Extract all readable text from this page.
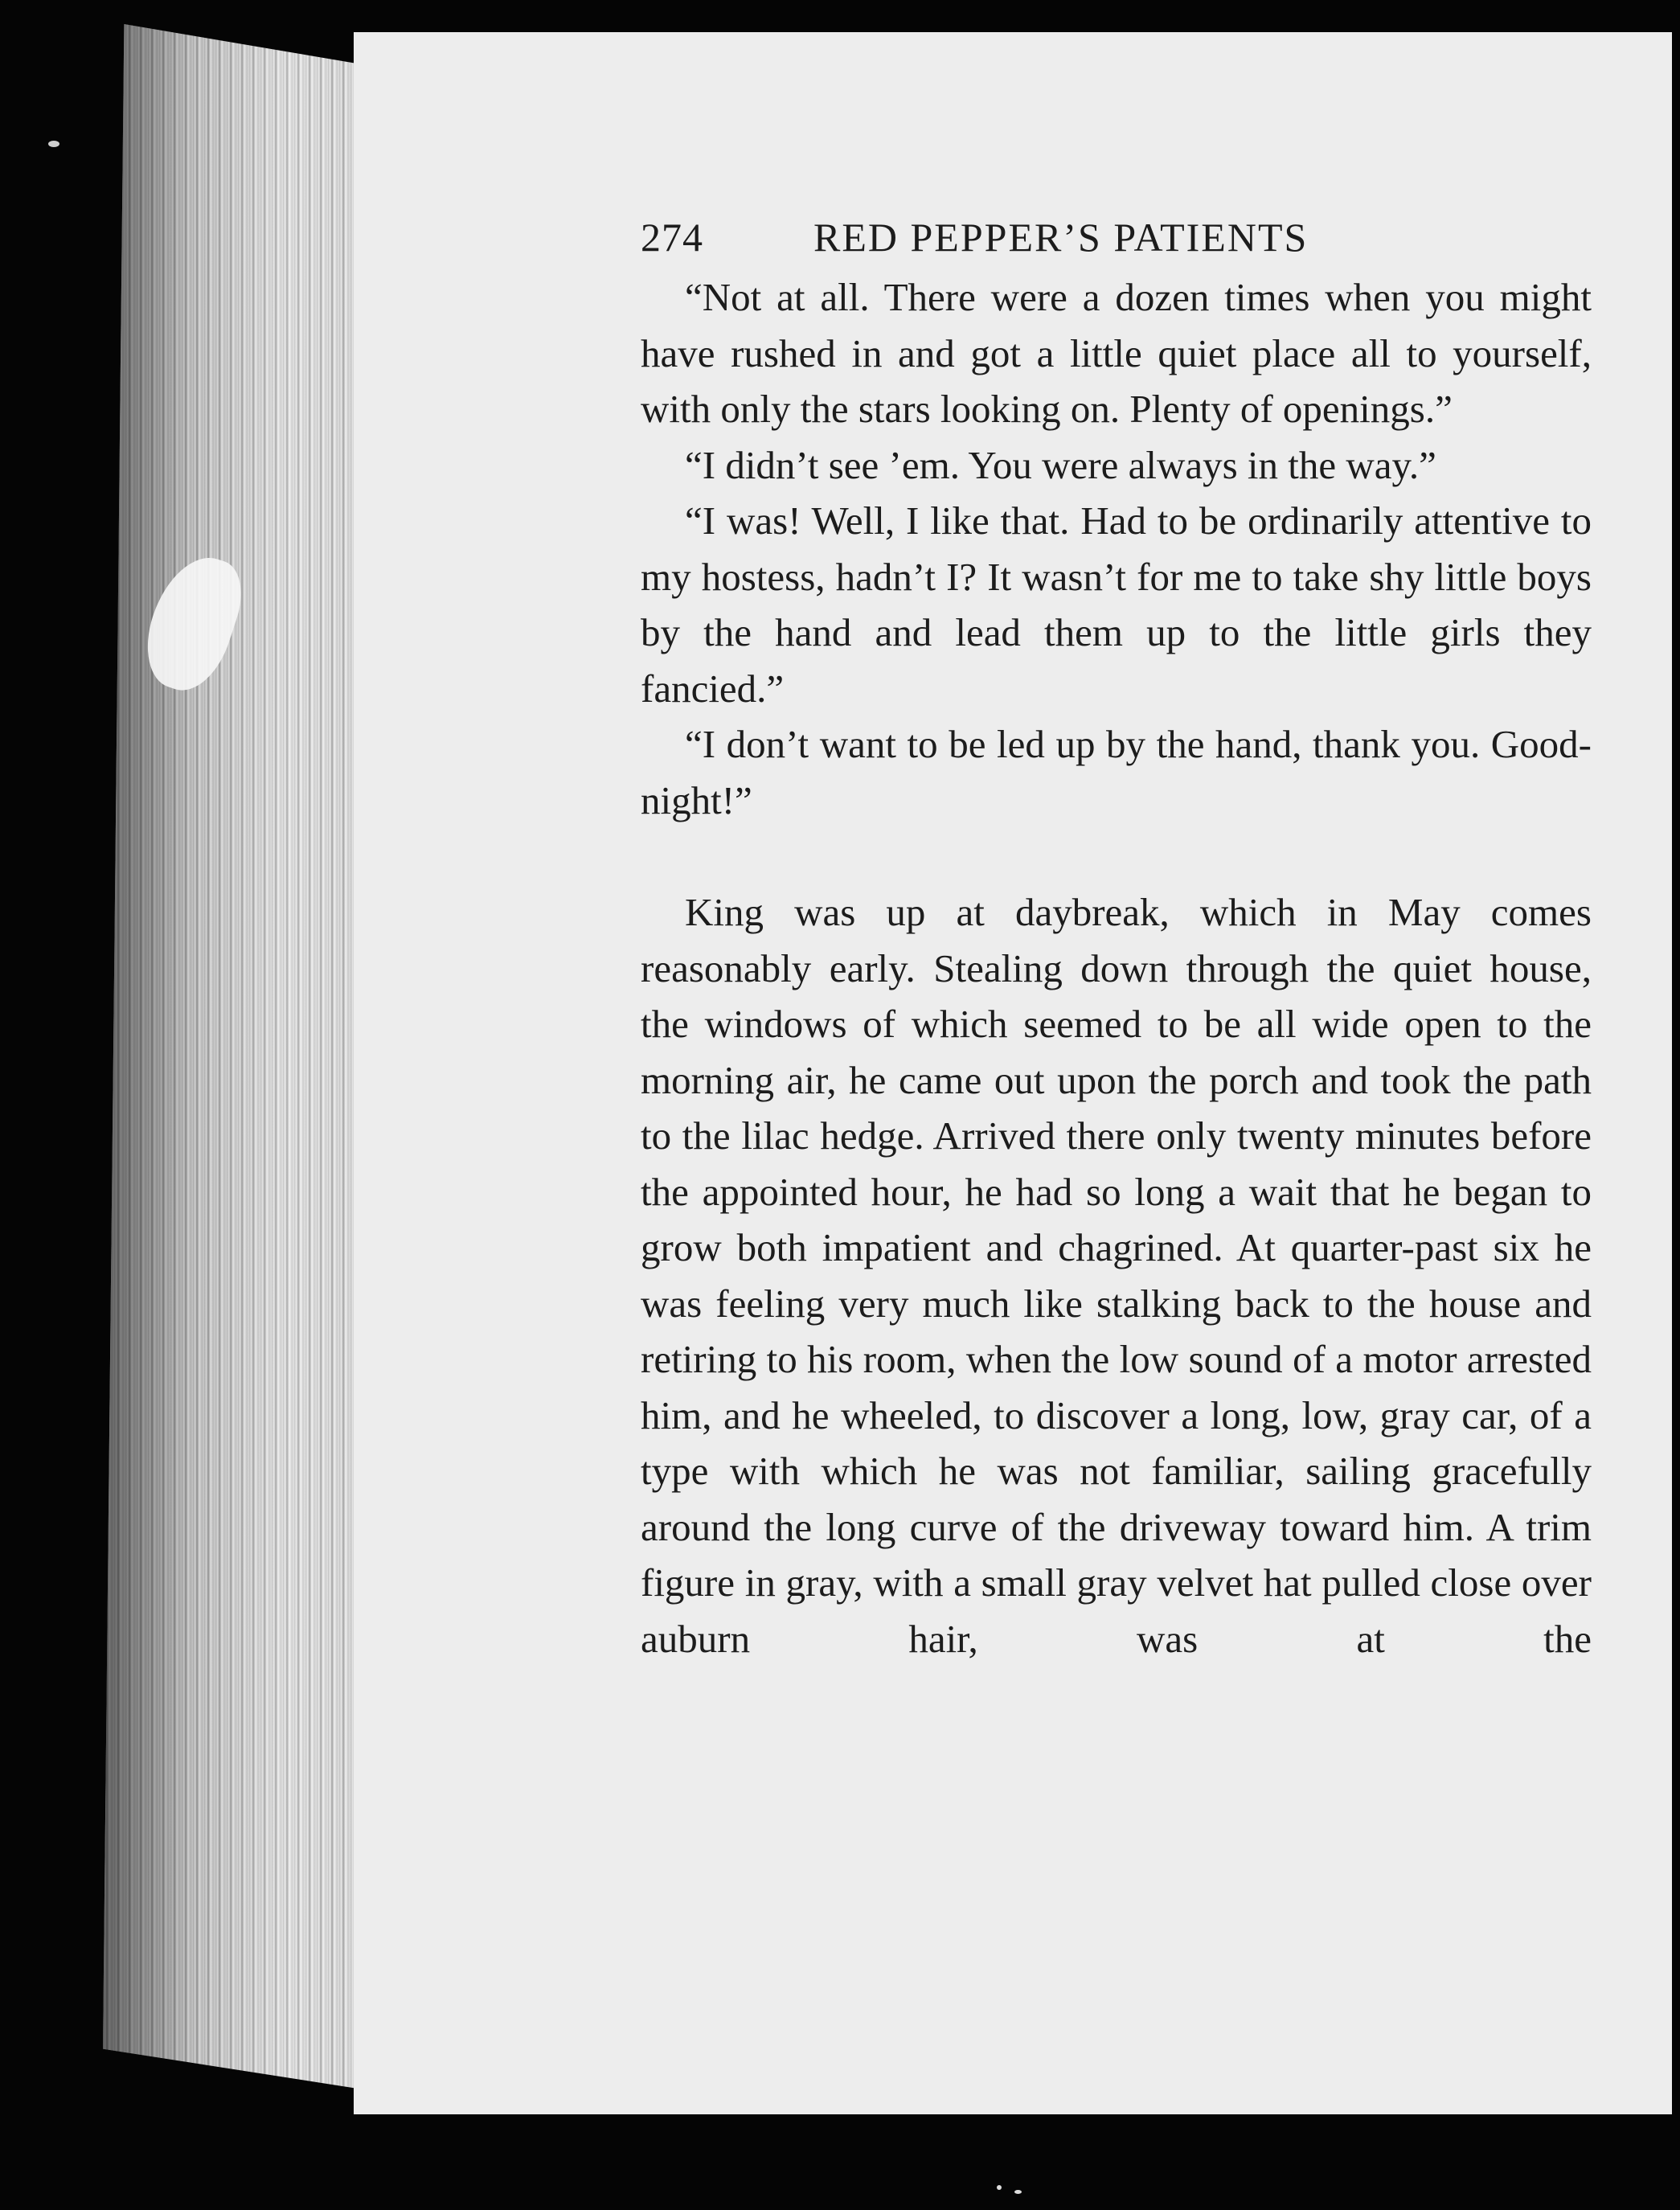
274	RED PEPPER’S PATIENTS

“Not at all. There were a dozen times when you might have rushed in and got a little quiet place all to yourself, with only the stars looking on. Plenty of openings.”

“I didn’t see ’em. You were always in the way.”

“I was! Well, I like that. Had to be ordinarily attentive to my hostess, hadn’t I? It wasn’t for me to take shy little boys by the hand and lead them up to the little girls they fancied.”

“I don’t want to be led up by the hand, thank you. Good-night!”

King was up at daybreak, which in May comes reasonably early. Stealing down through the quiet house, the windows of which seemed to be all wide open to the morning air, he came out upon the porch and took the path to the lilac hedge. Arrived there only twenty minutes before the appointed hour, he had so long a wait that he began to grow both impatient and chagrined. At quarter-past six he was feeling very much like stalking back to the house and retiring to his room, when the low sound of a motor arrested him, and he wheeled, to discover a long, low, gray car, of a type with which he was not familiar, sailing gracefully around the long curve of the driveway toward him. A trim figure in gray, with a small gray velvet hat pulled close over auburn hair, was at the
